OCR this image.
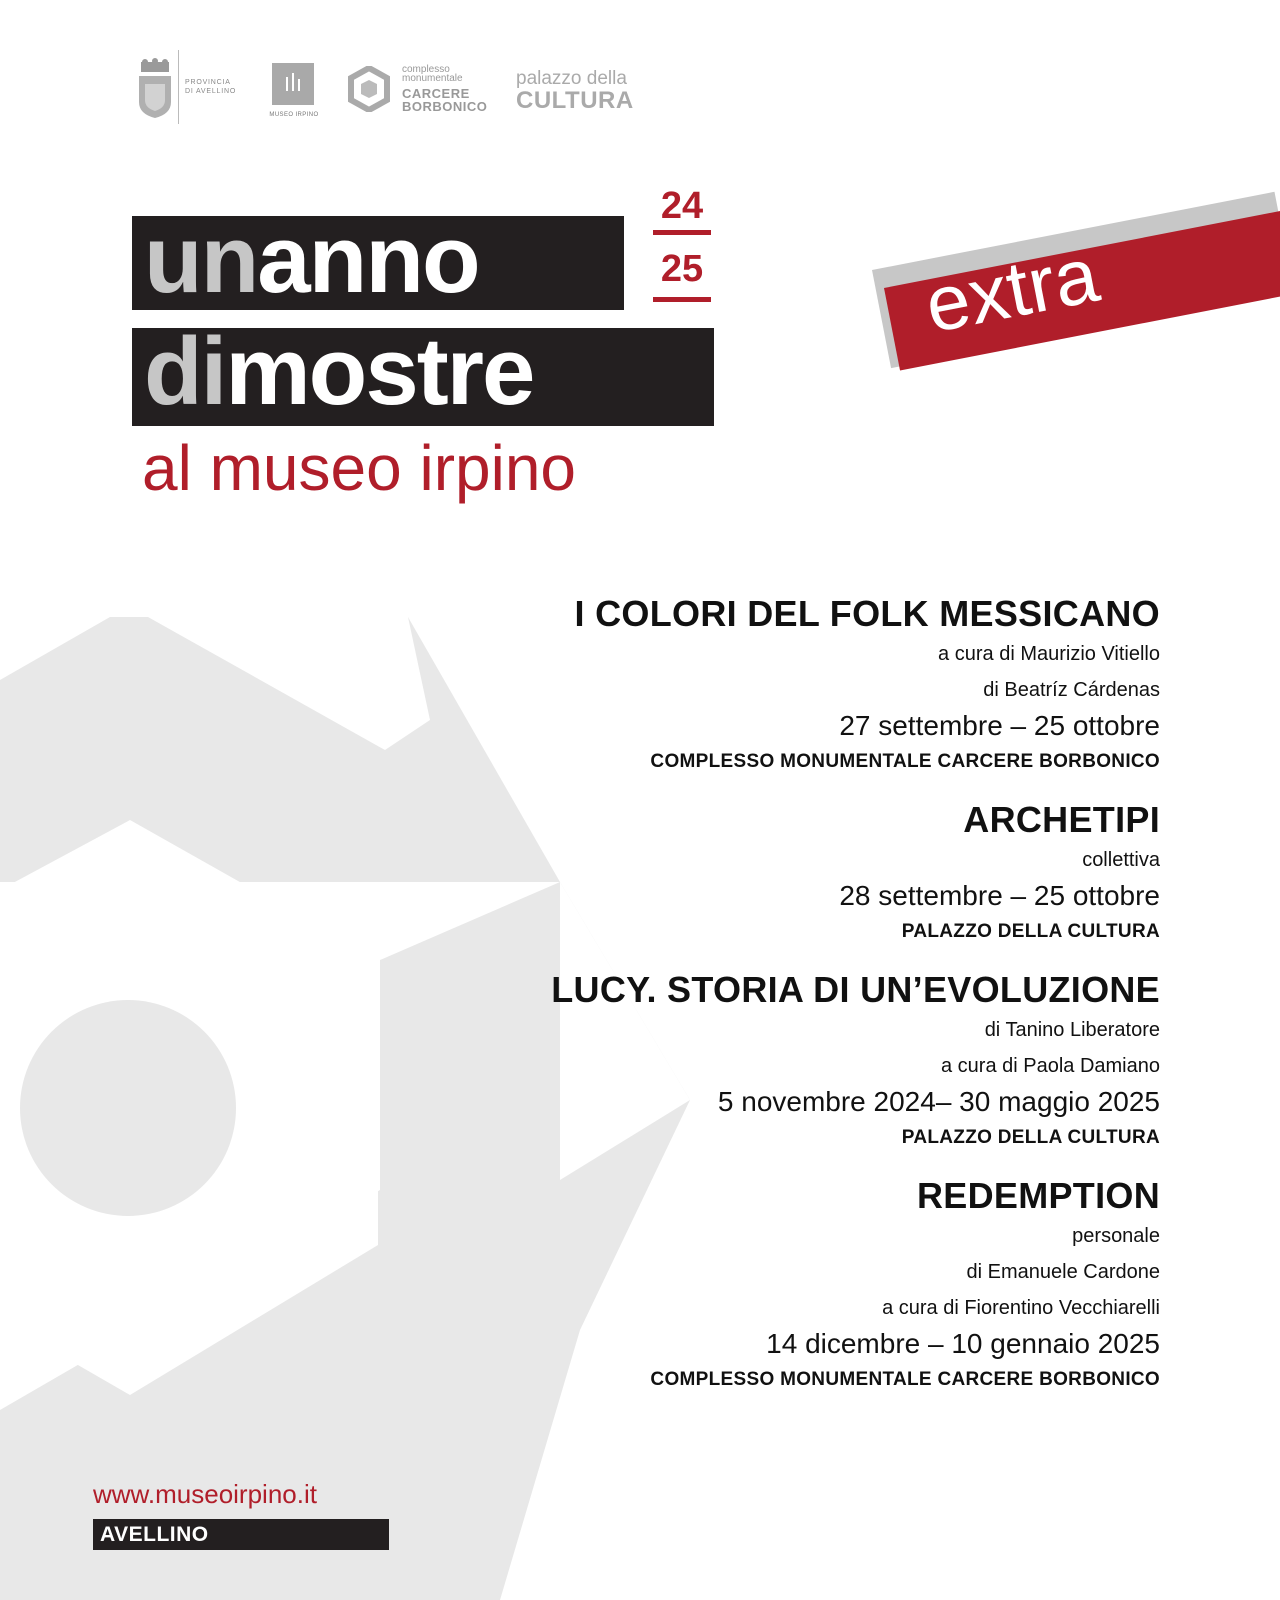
PROVINCIA
DI AVELLINO
MUSEO IRPINO
complesso
monumentale
CARCERE
BORBONICO
palazzo della
CULTURA
unanno
dimostre
24
25
al museo irpino
extra
I COLORI DEL FOLK MESSICANO
a cura di Maurizio Vitiello
di Beatríz Cárdenas
27 settembre – 25 ottobre
COMPLESSO MONUMENTALE CARCERE BORBONICO
ARCHETIPI
collettiva
28 settembre – 25 ottobre
PALAZZO DELLA CULTURA
LUCY. STORIA DI UN’EVOLUZIONE
di Tanino Liberatore
a cura di Paola Damiano
5 novembre 2024– 30 maggio 2025
PALAZZO DELLA CULTURA
REDEMPTION
personale
di Emanuele Cardone
a cura di Fiorentino Vecchiarelli
14 dicembre – 10 gennaio 2025
COMPLESSO MONUMENTALE CARCERE BORBONICO
www.museoirpino.it
AVELLINO
